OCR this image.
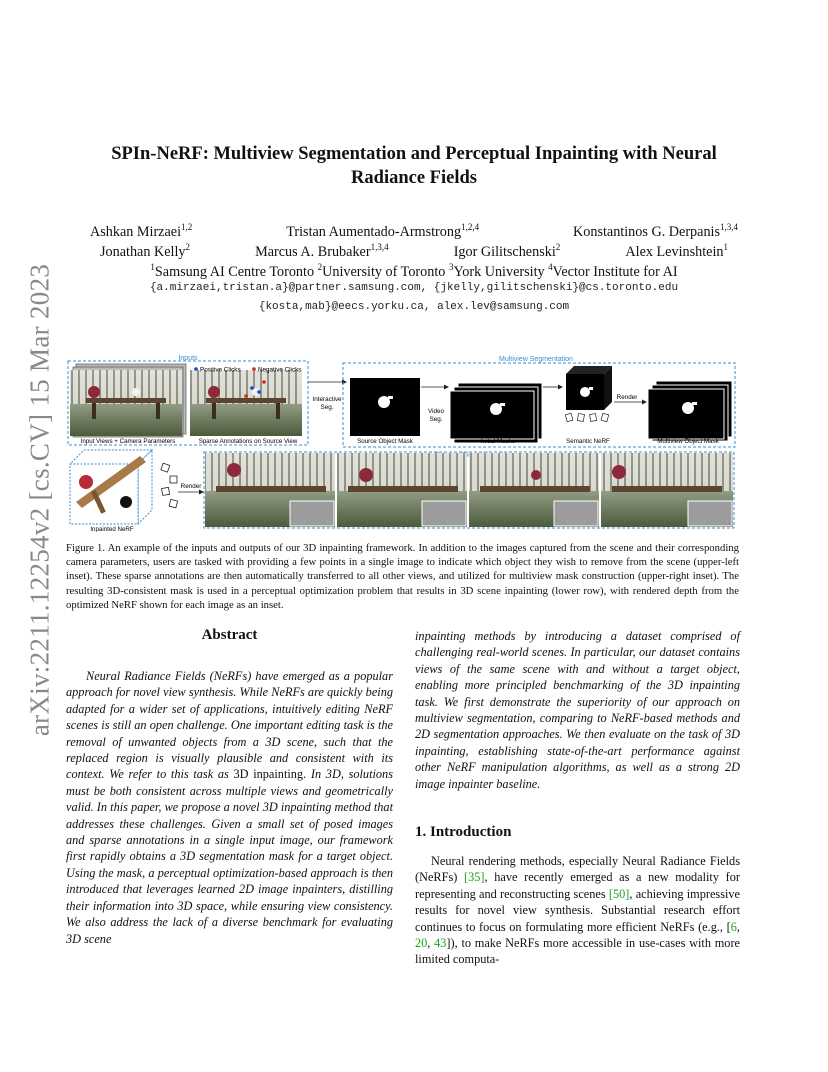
arXiv:2211.12254v2 [cs.CV] 15 Mar 2023
SPIn-NeRF: Multiview Segmentation and Perceptual Inpainting with Neural
Radiance Fields
Ashkan Mirzaei$^{1,2}$	Tristan Aumentado-Armstrong$^{1,2,4}$	Konstantinos G. Derpanis$^{1,3,4}$
Jonathan Kelly$^2$	Marcus A. Brubaker$^{1,3,4}$	Igor Gilitschenski$^2$	Alex Levinshtein$^1$
$^1$Samsung AI Centre Toronto $^2$University of Toronto $^3$York University $^4$Vector Institute for AI
{a.mirzaei,tristan.a}@partner.samsung.com, {jkelly,gilitschenski}@cs.toronto.edu
{kosta,mab}@eecs.yorku.ca, alex.lev@samsung.com
Inputs
Positive Clicks	Negative Clicks
Input Views + Camera Parameters	Sparse Annotations on Source View
Interactive
Seg.
Multiview Segmentation
Source Object Mask
Video
Seg.
Initial Masks	Semantic NeRF
Render
Multiview Object Mask
Render
Inpainted NeRF
Figure 1. An example of the inputs and outputs of our 3D inpainting framework. In addition to the images captured from the scene and their corresponding camera parameters, users are tasked with providing a few points in a single image to indicate which object they wish to remove from the scene (upper-left inset). These sparse annotations are then automatically transferred to all other views, and utilized for multiview mask construction (upper-right inset). The resulting 3D-consistent mask is used in a perceptual optimization problem that results in 3D scene inpainting (lower row), with rendered depth from the optimized NeRF shown for each image as an inset.
Abstract
Neural Radiance Fields (NeRFs) have emerged as a popular approach for novel view synthesis. While NeRFs are quickly being adapted for a wider set of applications, intuitively editing NeRF scenes is still an open challenge. One important editing task is the removal of unwanted objects from a 3D scene, such that the replaced region is visually plausible and consistent with its context. We refer to this task as 3D inpainting. In 3D, solutions must be both consistent across multiple views and geometrically valid. In this paper, we propose a novel 3D inpainting method that addresses these challenges. Given a small set of posed images and sparse annotations in a single input image, our framework first rapidly obtains a 3D segmentation mask for a target object. Using the mask, a perceptual optimization-based approach is then introduced that leverages learned 2D image inpainters, distilling their information into 3D space, while ensuring view consistency. We also address the lack of a diverse benchmark for evaluating 3D scene
inpainting methods by introducing a dataset comprised of challenging real-world scenes. In particular, our dataset contains views of the same scene with and without a target object, enabling more principled benchmarking of the 3D inpainting task. We first demonstrate the superiority of our approach on multiview segmentation, comparing to NeRF-based methods and 2D segmentation approaches. We then evaluate on the task of 3D inpainting, establishing state-of-the-art performance against other NeRF manipulation algorithms, as well as a strong 2D image inpainter baseline.
1. Introduction
Neural rendering methods, especially Neural Radiance Fields (NeRFs) [35], have recently emerged as a new modality for representing and reconstructing scenes [50], achieving impressive results for novel view synthesis. Substantial research effort continues to focus on formulating more efficient NeRFs (e.g., [6, 20, 43]), to make NeRFs more accessible in use-cases with more limited computa-
